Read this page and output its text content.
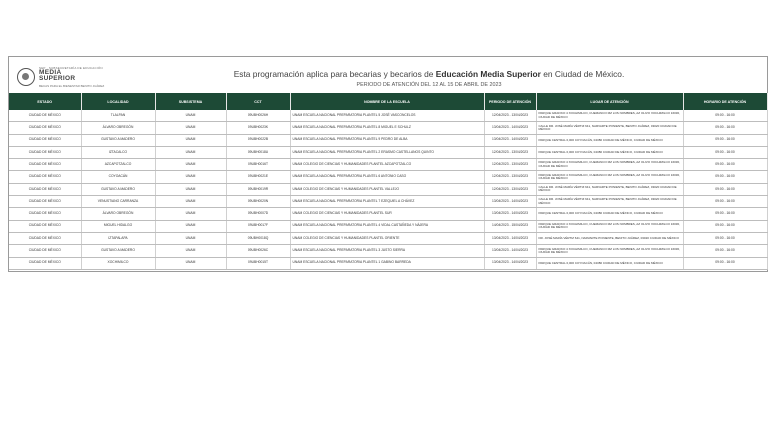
SEP · SUBSECRETARÍA DE EDUCACIÓN
MEDIA
SUPERIOR
BECAS PARA EL BIENESTAR BENITO JUÁREZ
Esta programación aplica para becarias y becarios de Educación Media Superior en Ciudad de México.
PERIODO DE ATENCIÓN DEL 12 AL 15 DE ABRIL DE 2023
ESTADO	LOCALIDAD	SUBSISTEMA	CCT	NOMBRE DE LA ESCUELA	PERIODO DE ATENCIÓN	LUGAR DE ATENCIÓN	HORARIO DE ATENCIÓN
CIUDAD DE MÉXICO	TLALPAN	UNAM	09UBH0026H	UNAM ESCUELA NACIONAL PREPARATORIA PLANTEL 5 JOSÉ VASCONCELOS	12/04/2023 - 13/04/2023	PARQUE GRAFIKO 4 XOCHIMILCO, CUEMANCO MZ LOS NOMBRES, AZ OLIVO XOCHIMILCO 16030, CIUDAD DE MÉXICO	09:00 - 16:00
CIUDAD DE MÉXICO	ÁLVARO OBREGÓN	UNAM	09UBH0023K	UNAM ESCUELA NACIONAL PREPARATORIA PLANTEL 8 MIGUEL E SCHULZ	13/04/2023 - 14/04/2023	CALLE DR. JOSÉ MARÍA VÉRTIZ 641, NARVARTE PONIENTE, BENITO JUÁREZ, 03020 CIUDAD DE MÉXICO	09:00 - 16:00
CIUDAD DE MÉXICO	GUSTAVO A MADERO	UNAM	09UBH0022B	UNAM ESCUELA NACIONAL PREPARATORIA PLANTEL 9 PEDRO DE ALBA	13/04/2023 - 14/04/2023	PARQUE CENTRAL 0,000 COYOACÁN, 04380 CIUDAD DE MÉXICO, CIUDAD DE MÉXICO	09:00 - 16:00
CIUDAD DE MÉXICO	IZTACALCO	UNAM	09UBH0018U	UNAM ESCUELA NACIONAL PREPARATORIA PLANTEL 2 ERASMO CASTELLANOS QUINTO	12/04/2023 - 13/04/2023	PARQUE CENTRAL 0,000 COYOACÁN, 04380 CIUDAD DE MÉXICO, CIUDAD DE MÉXICO	09:00 - 16:00
CIUDAD DE MÉXICO	AZCAPOTZALCO	UNAM	09UBH0016T	UNAM COLEGIO DE CIENCIAS Y HUMANIDADES PLANTEL AZCAPOTZALCO	12/04/2023 - 13/04/2023	PARQUE GRAFIKO 4 XOCHIMILCO, CUEMANCO MZ LOS NOMBRES, AZ OLIVO XOCHIMILCO 16030, CIUDAD DE MÉXICO	09:00 - 16:00
CIUDAD DE MÉXICO	COYOACÁN	UNAM	09UBH0021E	UNAM ESCUELA NACIONAL PREPARATORIA PLANTEL 6 ANTONIO CASO	12/04/2023 - 13/04/2023	PARQUE GRAFIKO 4 XOCHIMILCO, CUEMANCO MZ LOS NOMBRES, AZ OLIVO XOCHIMILCO 16030, CIUDAD DE MÉXICO	09:00 - 16:00
CIUDAD DE MÉXICO	GUSTAVO A MADERO	UNAM	09UBH0019R	UNAM COLEGIO DE CIENCIAS Y HUMANIDADES PLANTEL VALLEJO	12/04/2023 - 13/04/2023	CALLE DR. JOSÉ MARÍA VÉRTIZ 641, NARVARTE PONIENTE, BENITO JUÁREZ, 03020 CIUDAD DE MÉXICO	09:00 - 16:00
CIUDAD DE MÉXICO	VENUSTIANO CARRANZA	UNAM	09UBH0020N	UNAM ESCUELA NACIONAL PREPARATORIA PLANTEL 7 EZEQUIEL A CHÁVEZ	13/04/2023 - 14/04/2023	CALLE DR. JOSÉ MARÍA VÉRTIZ 641, NARVARTE PONIENTE, BENITO JUÁREZ, 03020 CIUDAD DE MÉXICO	09:00 - 16:00
CIUDAD DE MÉXICO	ÁLVARO OBREGÓN	UNAM	09UBH0007D	UNAM COLEGIO DE CIENCIAS Y HUMANIDADES PLANTEL SUR	13/04/2023 - 14/04/2023	PARQUE CENTRAL 0,000 COYOACÁN, 04380 CIUDAD DE MÉXICO, CIUDAD DE MÉXICO	09:00 - 16:00
CIUDAD DE MÉXICO	MIGUEL HIDALGO	UNAM	09UBH0017F	UNAM ESCUELA NACIONAL PREPARATORIA PLANTEL 4 VIDAL CASTAÑEDA Y NÁJERA	14/04/2023 - 15/04/2023	PARQUE GRAFIKO 4 XOCHIMILCO, CUEMANCO MZ LOS NOMBRES, AZ OLIVO XOCHIMILCO 16030, CIUDAD DE MÉXICO	09:00 - 16:00
CIUDAD DE MÉXICO	IZTAPALAPA	UNAM	09UBH0018Q	UNAM COLEGIO DE CIENCIAS Y HUMANIDADES PLANTEL ORIENTE	13/04/2023 - 14/04/2023	DR. JOSÉ MARÍA VÉRTIZ 641, NARVARTE PONIENTE, BENITO JUÁREZ, 03020 CIUDAD DE MÉXICO	09:00 - 16:00
CIUDAD DE MÉXICO	GUSTAVO A MADERO	UNAM	09UBH0026C	UNAM ESCUELA NACIONAL PREPARATORIA PLANTEL 3 JUSTO SIERRA	13/04/2023 - 14/04/2023	PARQUE GRAFIKO 4 XOCHIMILCO, CUEMANCO MZ LOS NOMBRES, AZ OLIVO XOCHIMILCO 16030, CIUDAD DE MÉXICO	09:00 - 16:00
CIUDAD DE MÉXICO	XOCHIMILCO	UNAM	09UBH0015T	UNAM ESCUELA NACIONAL PREPARATORIA PLANTEL 1 GABINO BARREDA	13/04/2023 - 14/04/2023	PARQUE CENTRAL 0,000 COYOACÁN, 04380 CIUDAD DE MÉXICO, CIUDAD DE MÉXICO	09:00 - 16:00
